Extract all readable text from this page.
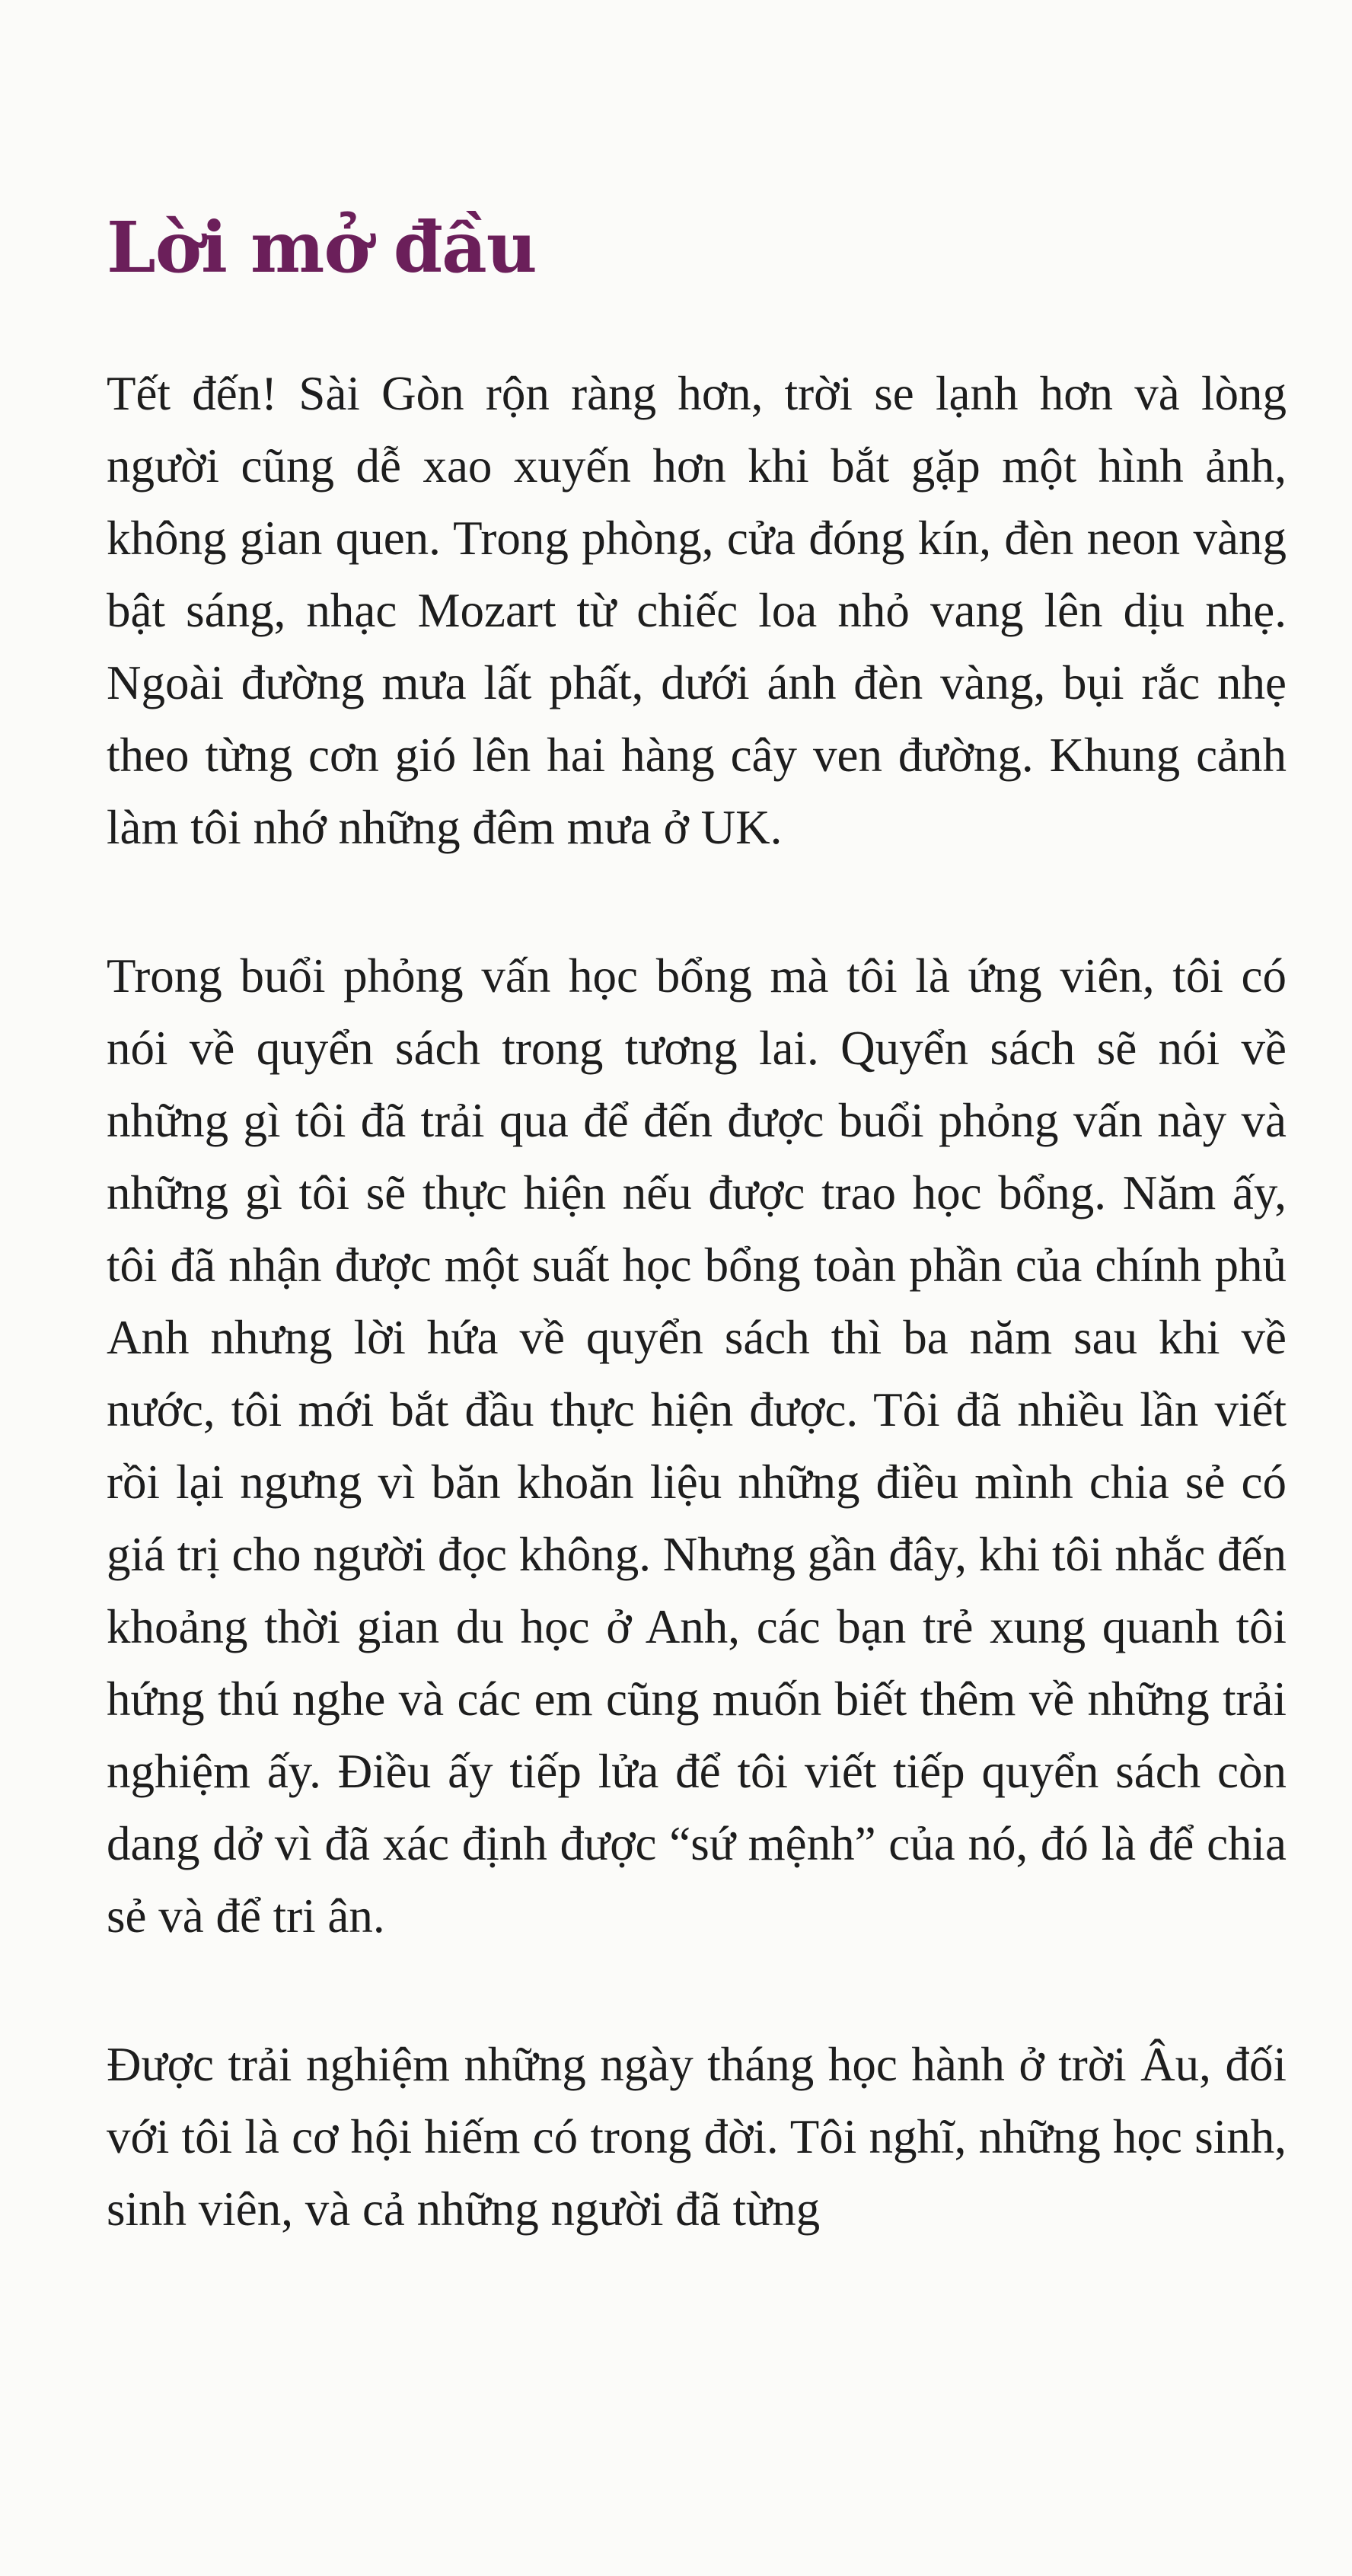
Lời mở đầu

Tết đến! Sài Gòn rộn ràng hơn, trời se lạnh hơn và lòng người cũng dễ xao xuyến hơn khi bắt gặp một hình ảnh, không gian quen. Trong phòng, cửa đóng kín, đèn neon vàng bật sáng, nhạc Mozart từ chiếc loa nhỏ vang lên dịu nhẹ. Ngoài đường mưa lất phất, dưới ánh đèn vàng, bụi rắc nhẹ theo từng cơn gió lên hai hàng cây ven đường. Khung cảnh làm tôi nhớ những đêm mưa ở UK.

Trong buổi phỏng vấn học bổng mà tôi là ứng viên, tôi có nói về quyển sách trong tương lai. Quyển sách sẽ nói về những gì tôi đã trải qua để đến được buổi phỏng vấn này và những gì tôi sẽ thực hiện nếu được trao học bổng. Năm ấy, tôi đã nhận được một suất học bổng toàn phần của chính phủ Anh nhưng lời hứa về quyển sách thì ba năm sau khi về nước, tôi mới bắt đầu thực hiện được. Tôi đã nhiều lần viết rồi lại ngưng vì băn khoăn liệu những điều mình chia sẻ có giá trị cho người đọc không. Nhưng gần đây, khi tôi nhắc đến khoảng thời gian du học ở Anh, các bạn trẻ xung quanh tôi hứng thú nghe và các em cũng muốn biết thêm về những trải nghiệm ấy. Điều ấy tiếp lửa để tôi viết tiếp quyển sách còn dang dở vì đã xác định được “sứ mệnh” của nó, đó là để chia sẻ và để tri ân.

Được trải nghiệm những ngày tháng học hành ở trời Âu, đối với tôi là cơ hội hiếm có trong đời. Tôi nghĩ, những học sinh, sinh viên, và cả những người đã từng
